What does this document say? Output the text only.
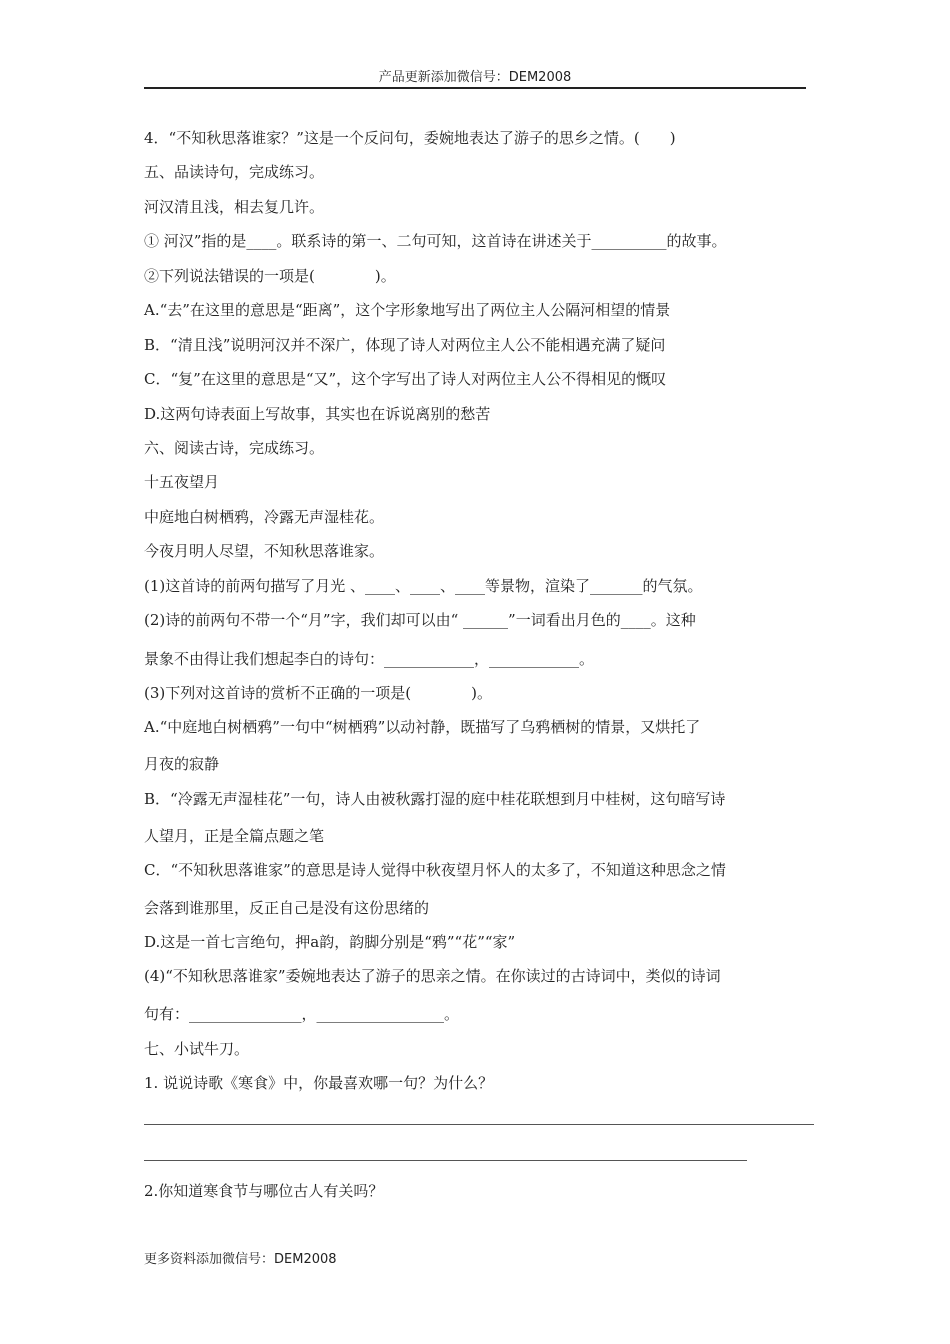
产品更新添加微信号：DEM2008
4．“不知秋思落谁家？”这是一个反问句，委婉地表达了游子的思乡之情。(　　)
五、品读诗句，完成练习。
河汉清且浅，相去复几许。
① 河汉”指的是____。联系诗的第一、二句可知，这首诗在讲述关于__________的故事。
②下列说法错误的一项是(　　　　)。
A.“去”在这里的意思是“距离”，这个字形象地写出了两位主人公隔河相望的情景
B．“清且浅”说明河汉并不深广，体现了诗人对两位主人公不能相遇充满了疑问
C．“复”在这里的意思是“又”，这个字写出了诗人对两位主人公不得相见的慨叹
D.这两句诗表面上写故事，其实也在诉说离别的愁苦
六、阅读古诗，完成练习。
十五夜望月
中庭地白树栖鸦，冷露无声湿桂花。
今夜月明人尽望，不知秋思落谁家。
(1)这首诗的前两句描写了月光 、____、____、____等景物，渲染了_______的气氛。
(2)诗的前两句不带一个“月”字，我们却可以由“ ______”一词看出月色的____。这种
景象不由得让我们想起李白的诗句：____________，____________。
(3)下列对这首诗的赏析不正确的一项是(　　　　)。
A.“中庭地白树栖鸦”一句中“树栖鸦”以动衬静，既描写了乌鸦栖树的情景，又烘托了
月夜的寂静
B．“冷露无声湿桂花”一句，诗人由被秋露打湿的庭中桂花联想到月中桂树，这句暗写诗
人望月，正是全篇点题之笔
C．“不知秋思落谁家”的意思是诗人觉得中秋夜望月怀人的太多了，不知道这种思念之情
会落到谁那里，反正自己是没有这份思绪的
D.这是一首七言绝句，押a韵，韵脚分别是“鸦”“花”“家”
(4)“不知秋思落谁家”委婉地表达了游子的思亲之情。在你读过的古诗词中，类似的诗词
句有：_______________，_________________。
七、小试牛刀。
1. 说说诗歌《寒食》中，你最喜欢哪一句？为什么？
2.你知道寒食节与哪位古人有关吗？
更多资料添加微信号：DEM2008
